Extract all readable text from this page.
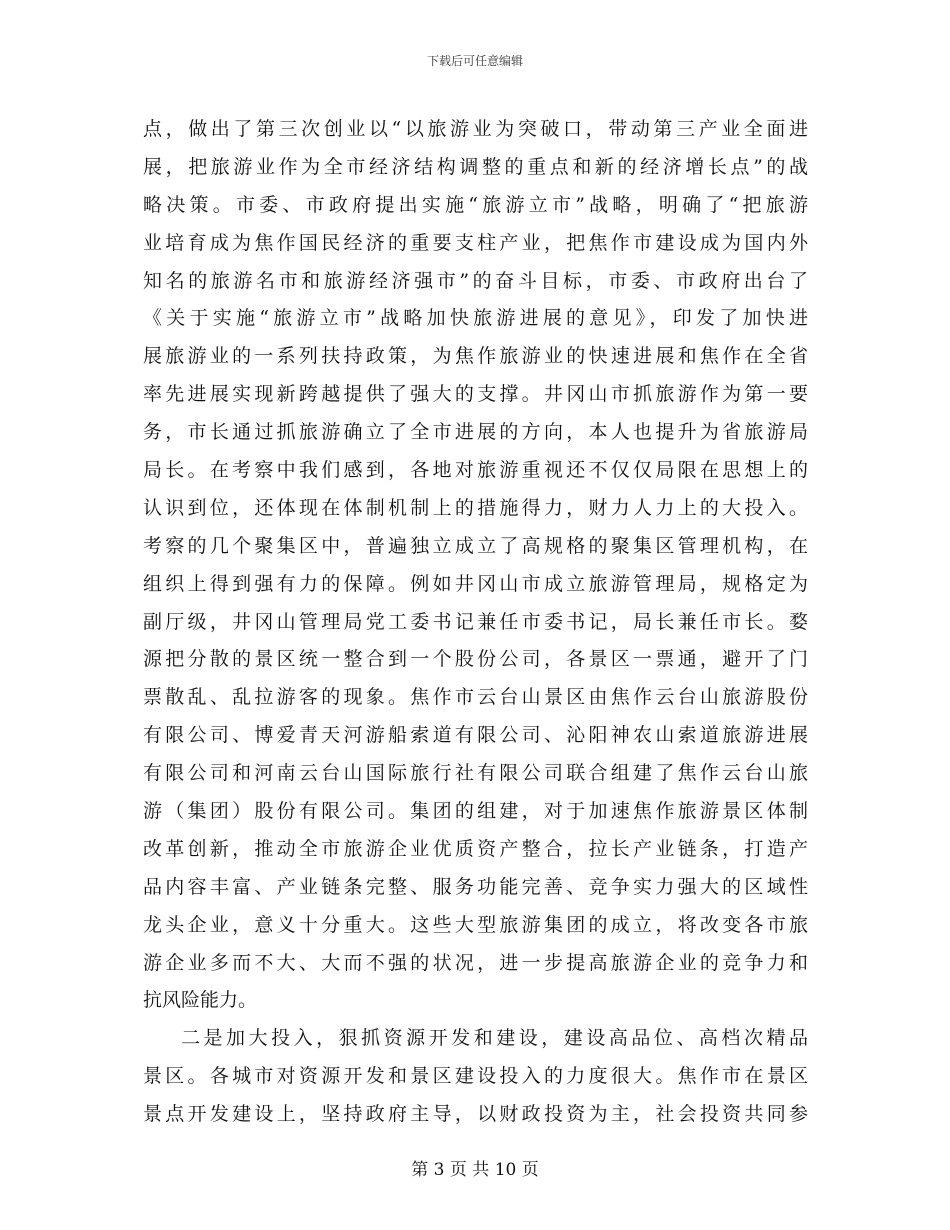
下载后可任意编辑
点，做出了第三次创业以“以旅游业为突破口，带动第三产业全面进
展，把旅游业作为全市经济结构调整的重点和新的经济增长点”的战
略决策。市委、市政府提出实施“旅游立市”战略，明确了“把旅游
业培育成为焦作国民经济的重要支柱产业，把焦作市建设成为国内外
知名的旅游名市和旅游经济强市”的奋斗目标，市委、市政府出台了
《关于实施“旅游立市”战略加快旅游进展的意见》，印发了加快进
展旅游业的一系列扶持政策，为焦作旅游业的快速进展和焦作在全省
率先进展实现新跨越提供了强大的支撑。井冈山市抓旅游作为第一要
务，市长通过抓旅游确立了全市进展的方向，本人也提升为省旅游局
局长。在考察中我们感到，各地对旅游重视还不仅仅局限在思想上的
认识到位，还体现在体制机制上的措施得力，财力人力上的大投入。
考察的几个聚集区中，普遍独立成立了高规格的聚集区管理机构，在
组织上得到强有力的保障。例如井冈山市成立旅游管理局，规格定为
副厅级，井冈山管理局党工委书记兼任市委书记，局长兼任市长。婺
源把分散的景区统一整合到一个股份公司，各景区一票通，避开了门
票散乱、乱拉游客的现象。焦作市云台山景区由焦作云台山旅游股份
有限公司、博爱青天河游船索道有限公司、沁阳神农山索道旅游进展
有限公司和河南云台山国际旅行社有限公司联合组建了焦作云台山旅
游（集团）股份有限公司。集团的组建，对于加速焦作旅游景区体制
改革创新，推动全市旅游企业优质资产整合，拉长产业链条，打造产
品内容丰富、产业链条完整、服务功能完善、竞争实力强大的区域性
龙头企业，意义十分重大。这些大型旅游集团的成立，将改变各市旅
游企业多而不大、大而不强的状况，进一步提高旅游企业的竞争力和
抗风险能力。
二是加大投入，狠抓资源开发和建设，建设高品位、高档次精品
景区。各城市对资源开发和景区建设投入的力度很大。焦作市在景区
景点开发建设上，坚持政府主导，以财政投资为主，社会投资共同参
第 3 页 共 10 页
